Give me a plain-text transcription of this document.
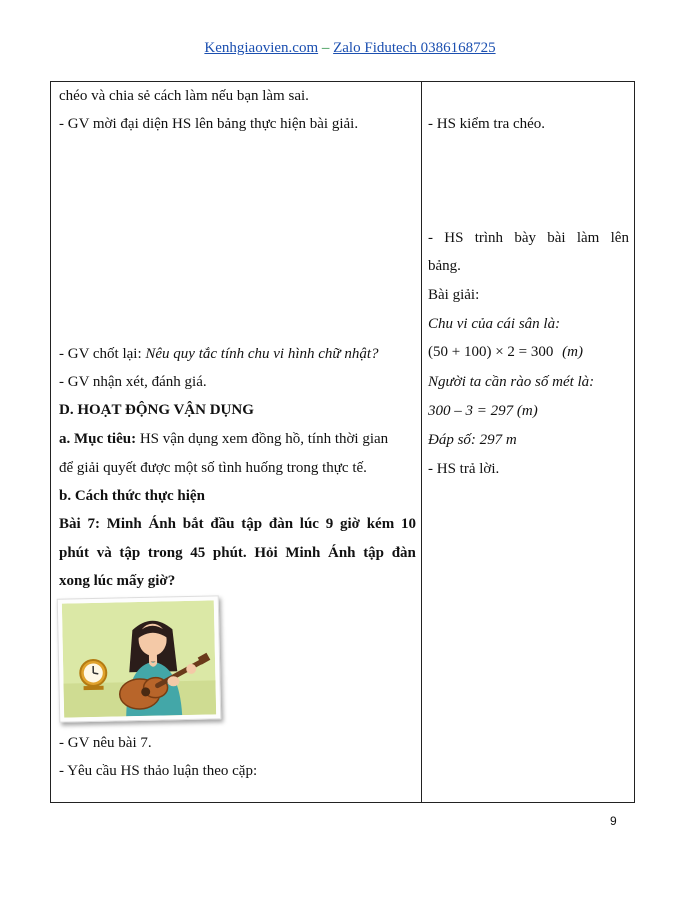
Kenhgiaovien.com – Zalo Fidutech 0386168725
chéo và chia sẻ cách làm nếu bạn làm sai.
- GV mời đại diện HS lên bảng thực hiện bài giải.
- GV chốt lại: Nêu quy tắc tính chu vi hình chữ nhật?
- GV nhận xét, đánh giá.
D. HOẠT ĐỘNG VẬN DỤNG
a. Mục tiêu: HS vận dụng xem đồng hồ, tính thời gian
để giải quyết được một số tình huống trong thực tế.
b. Cách thức thực hiện
Bài 7: Minh Ánh bắt đầu tập đàn lúc 9 giờ kém 10
phút và tập trong 45 phút. Hỏi Minh Ánh tập đàn
xong lúc mấy giờ?
- GV nêu bài 7.
- Yêu cầu HS thảo luận theo cặp:
- HS kiểm tra chéo.
- HS trình bày bài làm lên
bảng.
Bài giải:
Chu vi của cái sân là:
(50 + 100) × 2 = 300 (m)
Người ta cần rào số mét là:
300 – 3 = 297 (m)
Đáp số: 297 m
- HS trả lời.
9
